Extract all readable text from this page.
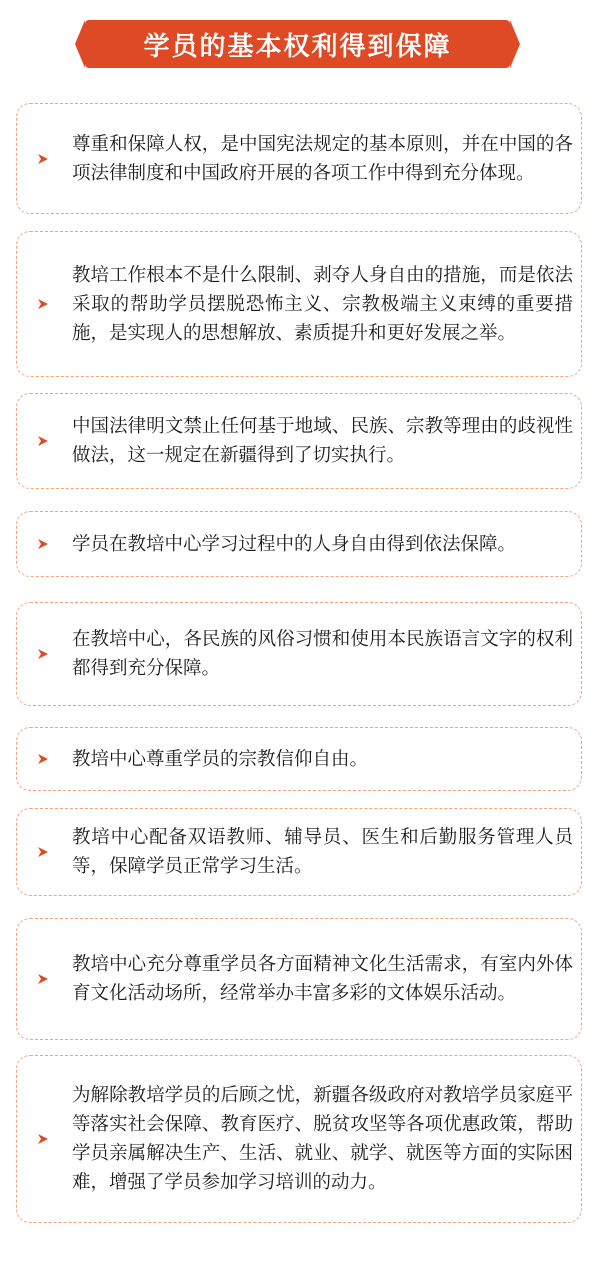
学员的基本权利得到保障
尊重和保障人权，是中国宪法规定的基本原则，并在中国的各项法律制度和中国政府开展的各项工作中得到充分体现。
教培工作根本不是什么限制、剥夺人身自由的措施，而是依法采取的帮助学员摆脱恐怖主义、宗教极端主义束缚的重要措施，是实现人的思想解放、素质提升和更好发展之举。
中国法律明文禁止任何基于地域、民族、宗教等理由的歧视性做法，这一规定在新疆得到了切实执行。
学员在教培中心学习过程中的人身自由得到依法保障。
在教培中心，各民族的风俗习惯和使用本民族语言文字的权利都得到充分保障。
教培中心尊重学员的宗教信仰自由。
教培中心配备双语教师、辅导员、医生和后勤服务管理人员等，保障学员正常学习生活。
教培中心充分尊重学员各方面精神文化生活需求，有室内外体育文化活动场所，经常举办丰富多彩的文体娱乐活动。
为解除教培学员的后顾之忧，新疆各级政府对教培学员家庭平等落实社会保障、教育医疗、脱贫攻坚等各项优惠政策，帮助学员亲属解决生产、生活、就业、就学、就医等方面的实际困难，增强了学员参加学习培训的动力。
